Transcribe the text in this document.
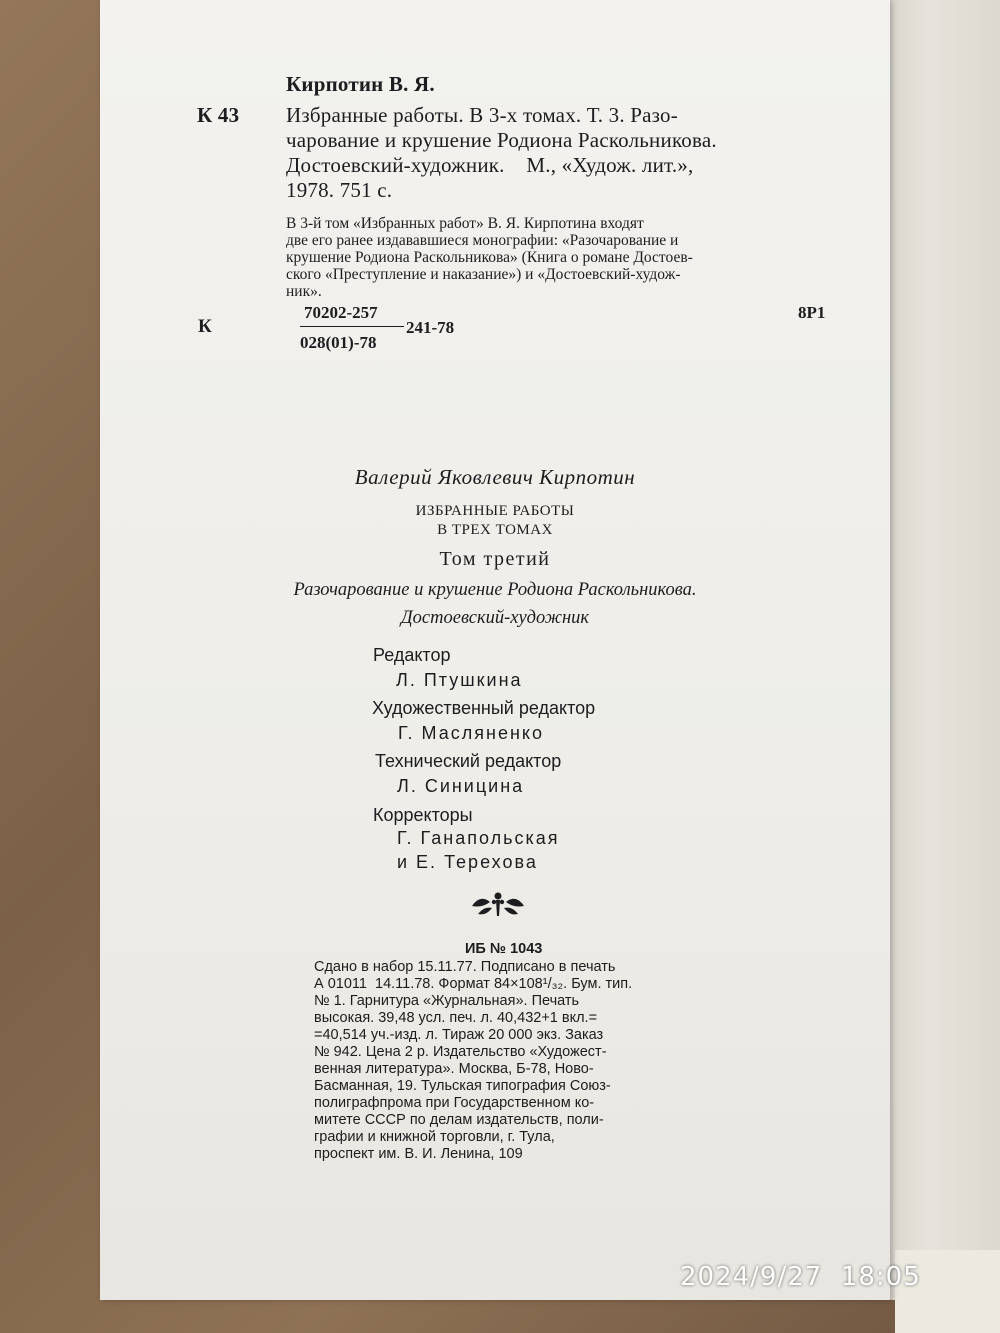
Кирпотин В. Я.
К 43 Избранные работы. В 3-х томах. Т. 3. Разо-
чарование и крушение Родиона Раскольникова.
Достоевский-художник.    М., «Худож. лит.»,
1978. 751 с.
В 3-й том «Избранных работ» В. Я. Кирпотина входят
две его ранее издававшиеся монографии: «Разочарование и
крушение Родиона Раскольникова» (Книга о романе Достоев-
ского «Преступление и наказание») и «Достоевский-худож-
ник».
К
70202-257
028(01)-78
241-78
8Р1
Валерий Яковлевич Кирпотин
ИЗБРАННЫЕ РАБОТЫ
В ТРЕХ ТОМАХ
Том третий
Разочарование и крушение Родиона Раскольникова.
Достоевский-художник
Редактор
Л. Птушкина
Художественный редактор
Г. Масляненко
Технический редактор
Л. Синицина
Корректоры
Г. Ганапольская
и Е. Терехова
ИБ № 1043
Сдано в набор 15.11.77. Подписано в печать
А 01011  14.11.78. Формат 84×108¹/₃₂. Бум. тип.
№ 1. Гарнитура «Журнальная». Печать
высокая. 39,48 усл. печ. л. 40,432+1 вкл.=
=40,514 уч.-изд. л. Тираж 20 000 экз. Заказ
№ 942. Цена 2 р. Издательство «Художест-
венная литература». Москва, Б-78, Ново-
Басманная, 19. Тульская типография Союз-
полиграфпрома при Государственном ко-
митете СССР по делам издательств, поли-
графии и книжной торговли, г. Тула,
проспект им. В. И. Ленина, 109
2024/9/27  18:05
